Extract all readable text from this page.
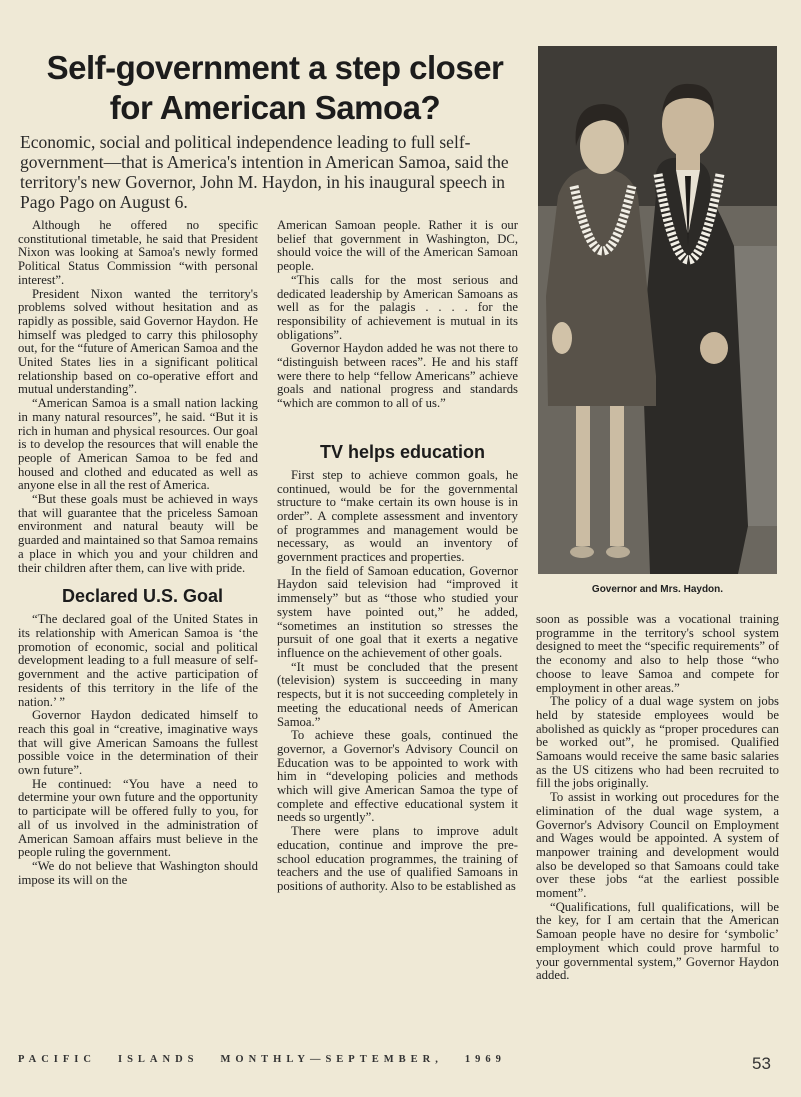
Self-government a step closer
for American Samoa?

Economic, social and political independence leading to full self-government—that is America's intention in American Samoa, said the territory's new Governor, John M. Haydon, in his inaugural speech in Pago Pago on August 6.

Governor and Mrs. Haydon.

Although he offered no specific constitutional timetable, he said that President Nixon was looking at Samoa's newly formed Political Status Commission “with personal interest”.

President Nixon wanted the territory's problems solved without hesitation and as rapidly as possible, said Governor Haydon. He himself was pledged to carry this philosophy out, for the “future of American Samoa and the United States lies in a significant political relationship based on co-operative effort and mutual understanding”.

“American Samoa is a small nation lacking in many natural resources”, he said. “But it is rich in human and physical resources. Our goal is to develop the resources that will enable the people of American Samoa to be fed and housed and clothed and educated as well as anyone else in all the rest of America.

“But these goals must be achieved in ways that will guarantee that the priceless Samoan environment and natural beauty will be guarded and maintained so that Samoa remains a place in which you and your children and their children after them, can live with pride.

Declared U.S. Goal

“The declared goal of the United States in its relationship with American Samoa is ‘the promotion of economic, social and political development leading to a full measure of self-government and the active participation of residents of this territory in the life of the nation.’ ”

Governor Haydon dedicated himself to reach this goal in “creative, imaginative ways that will give American Samoans the fullest possible voice in the determination of their own future”.

He continued: “You have a need to determine your own future and the opportunity to participate will be offered fully to you, for all of us involved in the administration of American Samoan affairs must believe in the people ruling the government.

“We do not believe that Washington should impose its will on the

American Samoan people. Rather it is our belief that government in Washington, DC, should voice the will of the American Samoan people.

“This calls for the most serious and dedicated leadership by American Samoans as well as for the palagis . . . . for the responsibility of achievement is mutual in its obligations”.

Governor Haydon added he was not there to “distinguish between races”. He and his staff were there to help “fellow Americans” achieve goals and national progress and standards “which are common to all of us.”

TV helps education

First step to achieve common goals, he continued, would be for the governmental structure to “make certain its own house is in order”. A complete assessment and inventory of programmes and management would be necessary, as would an inventory of government practices and properties.

In the field of Samoan education, Governor Haydon said television had “improved it immensely” but as “those who studied your system have pointed out,” he added, “sometimes an institution so stresses the pursuit of one goal that it exerts a negative influence on the achievement of other goals.

“It must be concluded that the present (television) system is succeeding in many respects, but it is not succeeding completely in meeting the educational needs of American Samoa.”

To achieve these goals, continued the governor, a Governor's Advisory Council on Education was to be appointed to work with him in “developing policies and methods which will give American Samoa the type of complete and effective educational system it needs so urgently”.

There were plans to improve adult education, continue and improve the pre-school education programmes, the training of teachers and the use of qualified Samoans in positions of authority. Also to be established as

soon as possible was a vocational training programme in the territory's school system designed to meet the “specific requirements” of the economy and also to help those “who choose to leave Samoa and compete for employment in other areas.”

The policy of a dual wage system on jobs held by stateside employees would be abolished as quickly as “proper procedures can be worked out”, he promised. Qualified Samoans would receive the same basic salaries as the US citizens who had been recruited to fill the jobs originally.

To assist in working out procedures for the elimination of the dual wage system, a Governor's Advisory Council on Employment and Wages would be appointed. A system of manpower training and development would also be developed so that Samoans could take over these jobs “at the earliest possible moment”.

“Qualifications, full qualifications, will be the key, for I am certain that the American Samoan people have no desire for ‘symbolic’ employment which could prove harmful to your governmental system,” Governor Haydon added.

PACIFIC ISLANDS MONTHLY—SEPTEMBER, 1969	53
